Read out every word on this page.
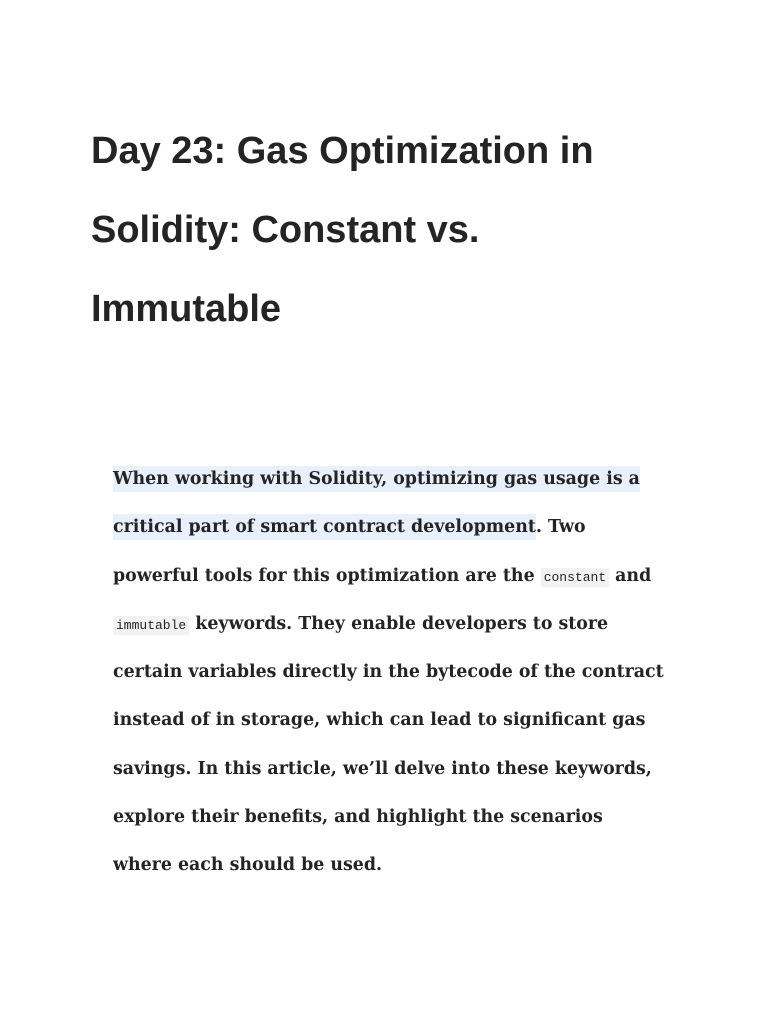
Day 23: Gas Optimization in
Solidity: Constant vs.
Immutable
When working with Solidity, optimizing gas usage is a
critical part of smart contract development. Two
powerful tools for this optimization are the constant and
immutable keywords. They enable developers to store
certain variables directly in the bytecode of the contract
instead of in storage, which can lead to significant gas
savings. In this article, we’ll delve into these keywords,
explore their benefits, and highlight the scenarios
where each should be used.
